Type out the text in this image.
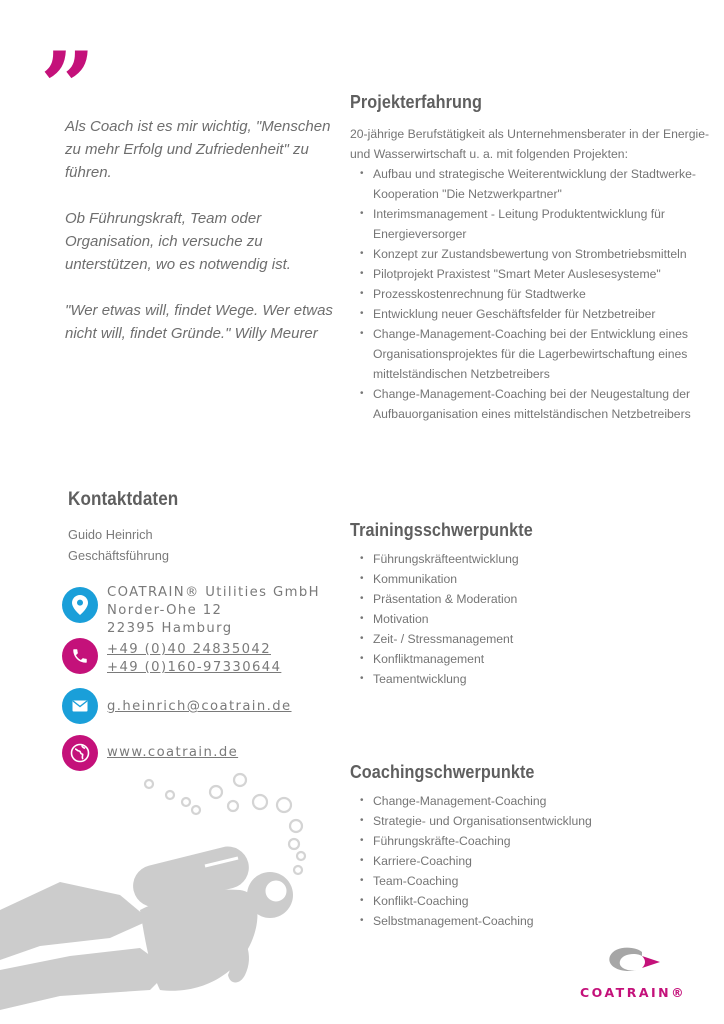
”

Als Coach ist es mir wichtig, "Menschen zu mehr Erfolg und Zufriedenheit" zu führen.

Ob Führungskraft, Team oder Organisation, ich versuche zu unterstützen, wo es notwendig ist.

"Wer etwas will, findet Wege. Wer etwas nicht will, findet Gründe." Willy Meurer

Projekterfahrung

20-jährige Berufstätigkeit als Unternehmensberater in der Energie- und Wasserwirtschaft u. a. mit folgenden Projekten:

• Aufbau und strategische Weiterentwicklung der Stadtwerke-Kooperation "Die Netzwerkpartner"
• Interimsmanagement - Leitung Produktentwicklung für Energieversorger
• Konzept zur Zustandsbewertung von Strombetriebsmitteln
• Pilotprojekt Praxistest "Smart Meter Auslesesysteme"
• Prozesskostenrechnung für Stadtwerke
• Entwicklung neuer Geschäftsfelder für Netzbetreiber
• Change-Management-Coaching bei der Entwicklung eines Organisationsprojektes für die Lagerbewirtschaftung eines mittelständischen Netzbetreibers
• Change-Management-Coaching bei der Neugestaltung der Aufbauorganisation eines mittelständischen Netzbetreibers
Kontaktdaten
Guido Heinrich
Geschäftsführung
COATRAIN® Utilities GmbH
Norder-Ohe 12
22395 Hamburg
+49 (0)40 24835042
+49 (0)160-97330644
g.heinrich@coatrain.de
www.coatrain.de
Trainingsschwerpunkte
• Führungskräfteentwicklung
• Kommunikation
• Präsentation & Moderation
• Motivation
• Zeit- / Stressmanagement
• Konfliktmanagement
• Teamentwicklung
Coachingschwerpunkte
• Change-Management-Coaching
• Strategie- und Organisationsentwicklung
• Führungskräfte-Coaching
• Karriere-Coaching
• Team-Coaching
• Konflikt-Coaching
• Selbstmanagement-Coaching
COATRAIN®
